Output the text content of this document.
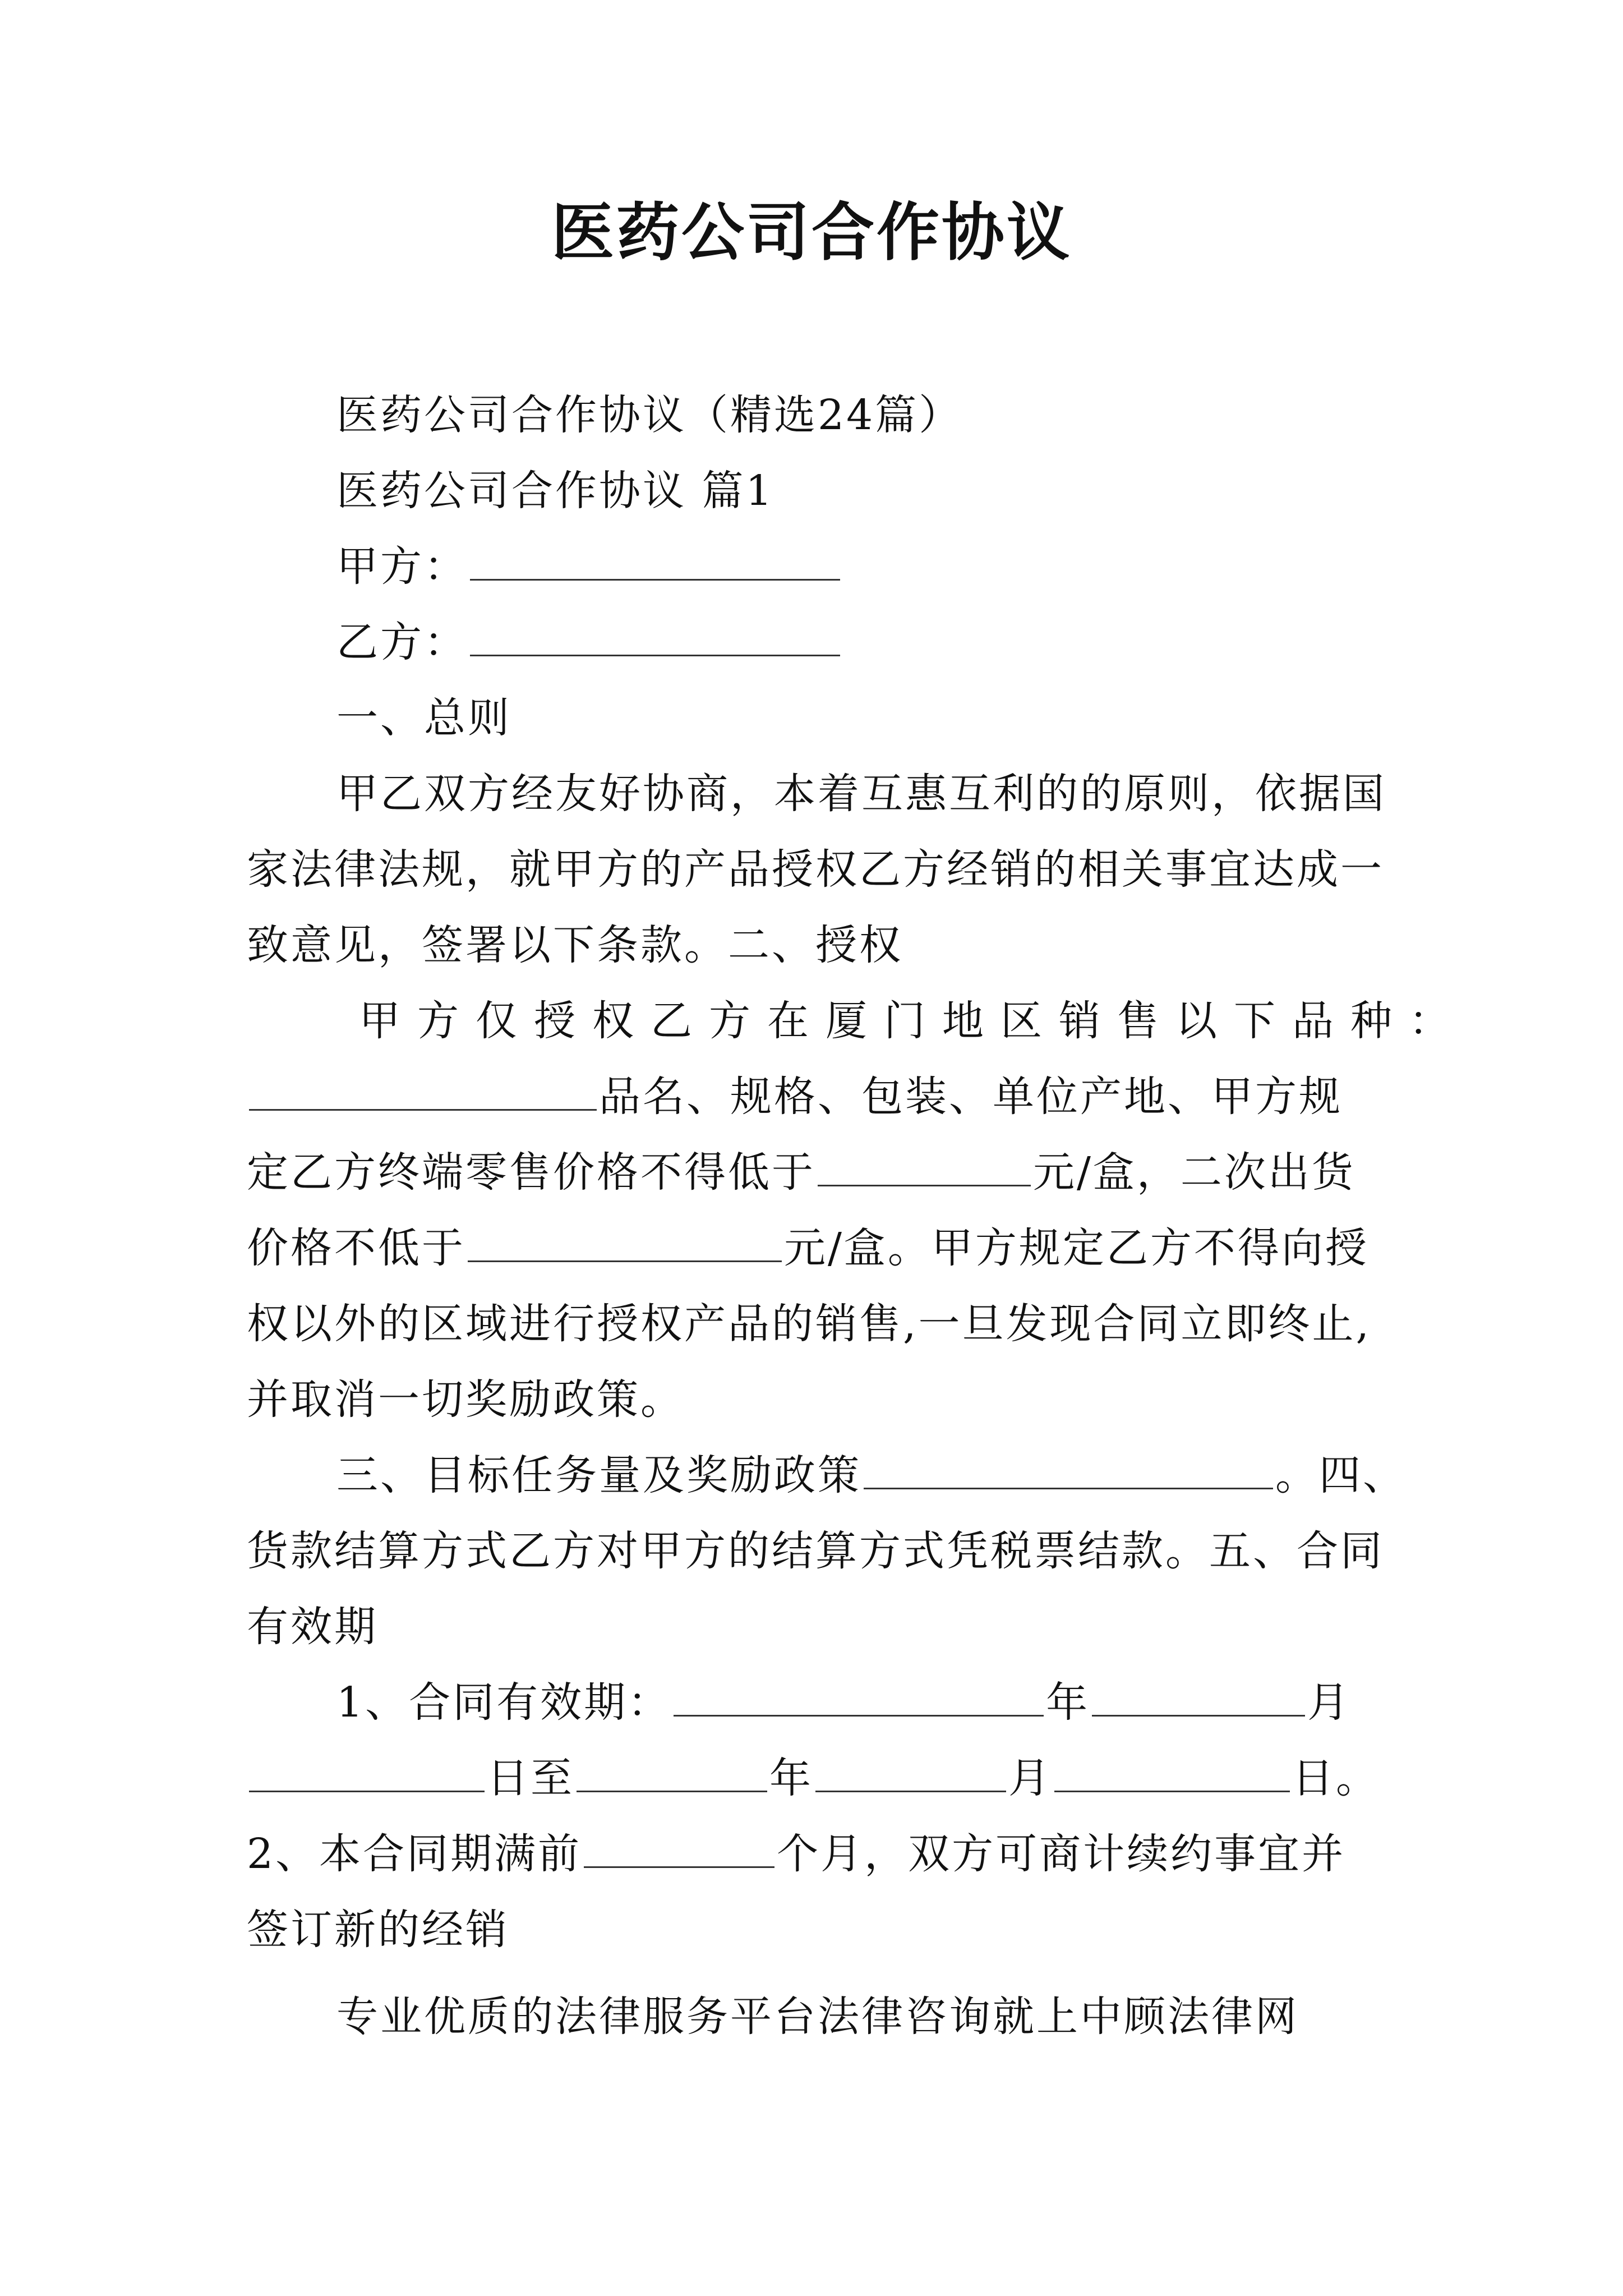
医药公司合作协议
医药公司合作协议（精选24篇）
医药公司合作协议 篇1
甲方：
乙方：
一、总则
甲乙双方经友好协商，本着互惠互利的的原则，依据国
家法律法规，就甲方的产品授权乙方经销的相关事宜达成一
致意见，签署以下条款。二、授权
甲方仅授权乙方在厦门地区销售以下品种：
品名、规格、包装、单位产地、甲方规
定乙方终端零售价格不得低于	元/盒，二次出货
价格不低于	元/盒。甲方规定乙方不得向授
权以外的区域进行授权产品的销售,一旦发现合同立即终止,
并取消一切奖励政策。
三、目标任务量及奖励政策	。四、
货款结算方式乙方对甲方的结算方式凭税票结款。五、合同
有效期
1、合同有效期：	年	月
日至	年	月	日。
2、本合同期满前	个月，双方可商计续约事宜并
签订新的经销
专业优质的法律服务平台法律咨询就上中顾法律网
